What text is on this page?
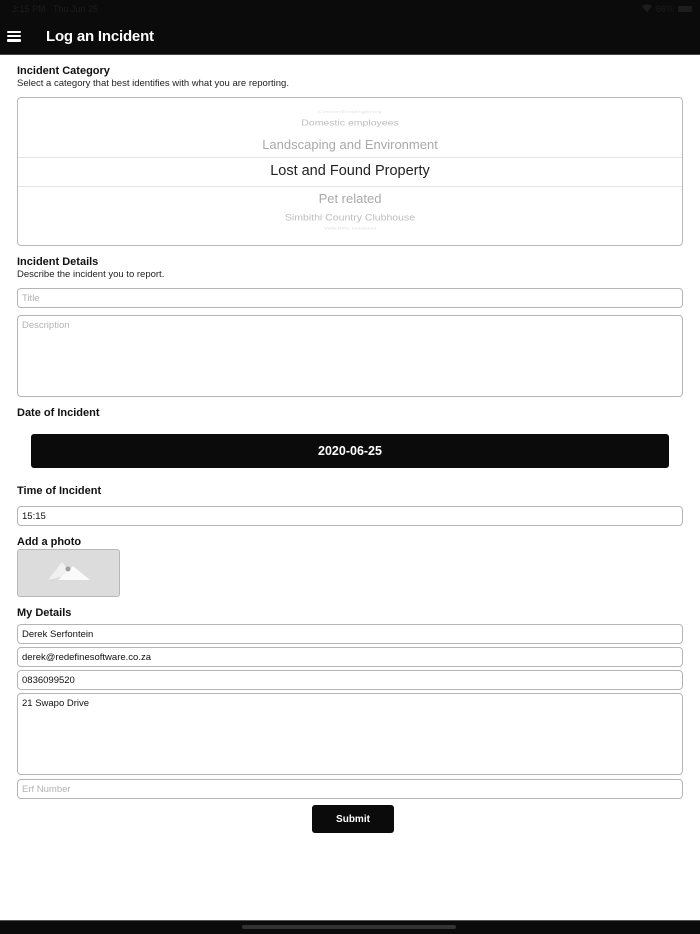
3:15 PM Thu Jun 25	66%
Log an Incident
Incident Category
Select a category that best identifies with what you are reporting.
Crime/Emergency
Domestic employees
Landscaping and Environment
Lost and Found Property
Pet related
Simbithi Country Clubhouse
Wildlife related
Incident Details
Describe the incident you to report.
Title
Description
Date of Incident
2020-06-25
Time of Incident
15:15
Add a photo
My Details
Derek Serfontein
derek@redefinesoftware.co.za
0836099520
21 Swapo Drive
Erf Number
Submit
